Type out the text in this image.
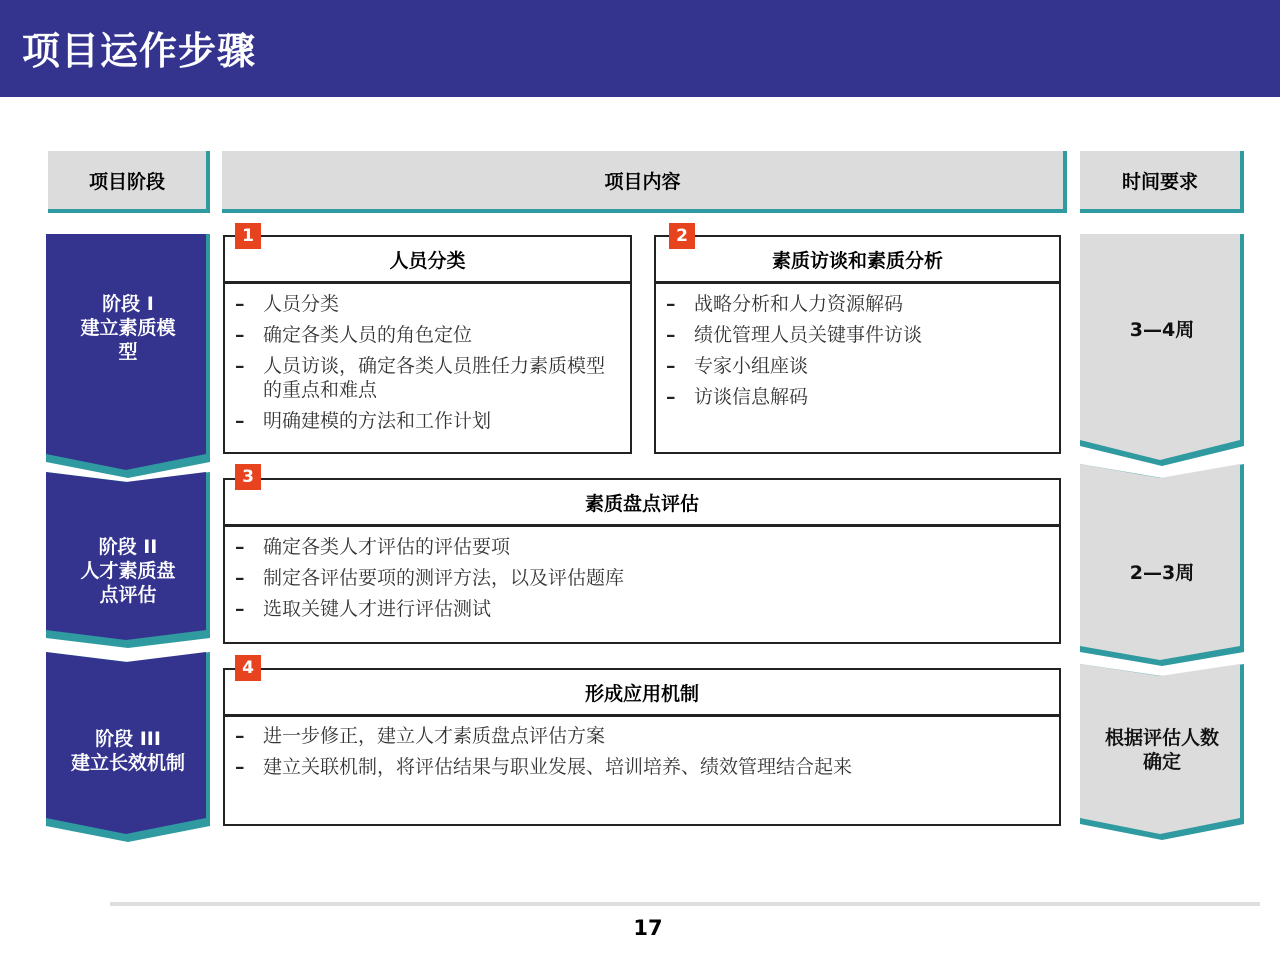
项目运作步骤
项目阶段	项目内容	时间要求
阶段 I
建立素质模
型
阶段 II
人才素质盘
点评估
阶段 III
建立长效机制
人员分类
– 人员分类
– 确定各类人员的角色定位
– 人员访谈，确定各类人员胜任力素质模型的重点和难点
– 明确建模的方法和工作计划
1
素质访谈和素质分析
– 战略分析和人力资源解码
– 绩优管理人员关键事件访谈
– 专家小组座谈
– 访谈信息解码
2
素质盘点评估
– 确定各类人才评估的评估要项
– 制定各评估要项的测评方法，以及评估题库
– 选取关键人才进行评估测试
3
形成应用机制
– 进一步修正，建立人才素质盘点评估方案
– 建立关联机制，将评估结果与职业发展、培训培养、绩效管理结合起来
4
3—4周
2—3周
根据评估人数
确定
17
